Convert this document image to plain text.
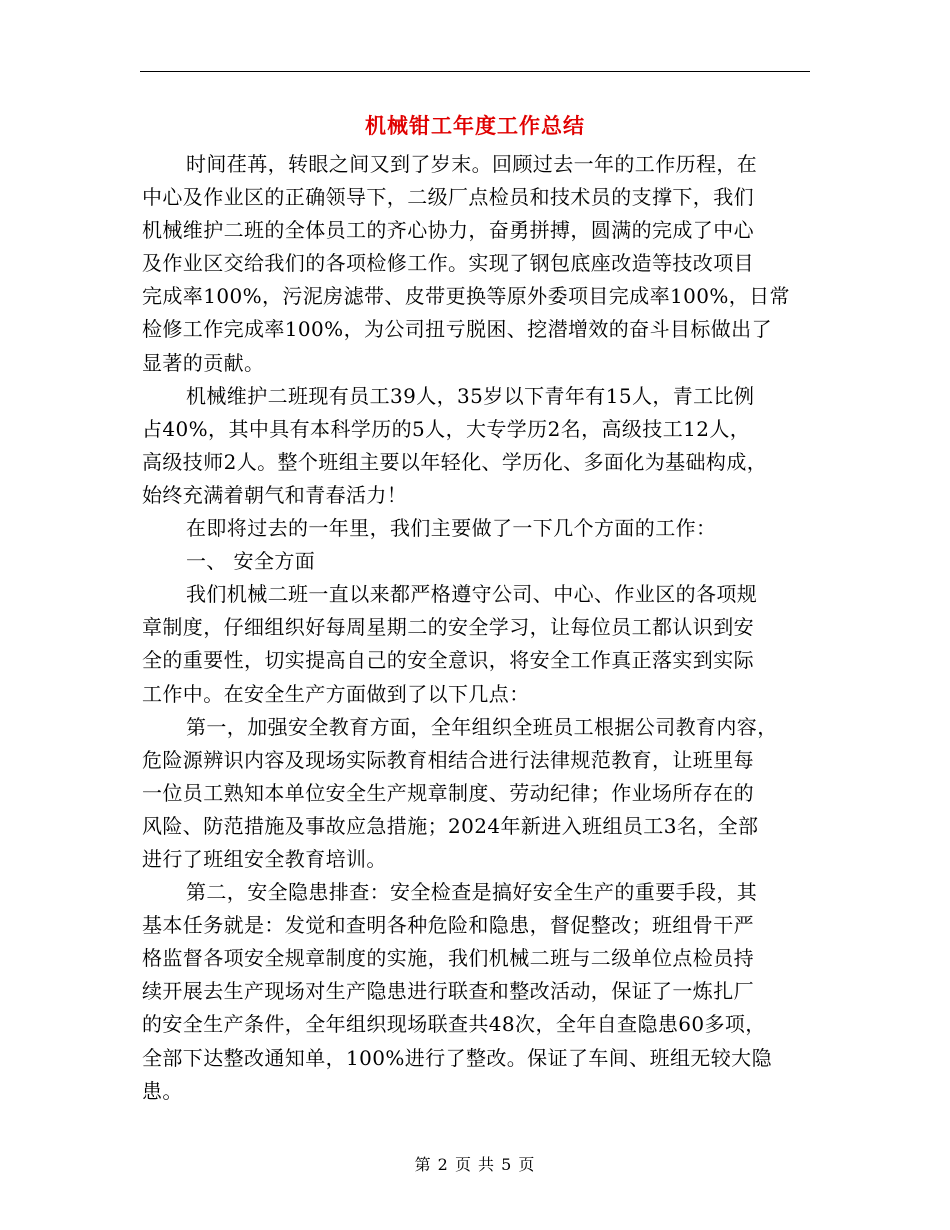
机械钳工年度工作总结
时间荏苒，转眼之间又到了岁末。回顾过去一年的工作历程，在
中心及作业区的正确领导下，二级厂点检员和技术员的支撑下，我们
机械维护二班的全体员工的齐心协力，奋勇拼搏，圆满的完成了中心
及作业区交给我们的各项检修工作。实现了钢包底座改造等技改项目
完成率100%，污泥房滤带、皮带更换等原外委项目完成率100%，日常
检修工作完成率100%，为公司扭亏脱困、挖潜增效的奋斗目标做出了
显著的贡献。
机械维护二班现有员工39人，35岁以下青年有15人，青工比例
占40%，其中具有本科学历的5人，大专学历2名，高级技工12人，
高级技师2人。整个班组主要以年轻化、学历化、多面化为基础构成，
始终充满着朝气和青春活力！
在即将过去的一年里，我们主要做了一下几个方面的工作：
一、 安全方面
我们机械二班一直以来都严格遵守公司、中心、作业区的各项规
章制度，仔细组织好每周星期二的安全学习，让每位员工都认识到安
全的重要性，切实提高自己的安全意识，将安全工作真正落实到实际
工作中。在安全生产方面做到了以下几点：
第一，加强安全教育方面，全年组织全班员工根据公司教育内容，
危险源辨识内容及现场实际教育相结合进行法律规范教育，让班里每
一位员工熟知本单位安全生产规章制度、劳动纪律；作业场所存在的
风险、防范措施及事故应急措施；2024年新进入班组员工3名，全部
进行了班组安全教育培训。
第二，安全隐患排查：安全检查是搞好安全生产的重要手段，其
基本任务就是：发觉和查明各种危险和隐患，督促整改；班组骨干严
格监督各项安全规章制度的实施，我们机械二班与二级单位点检员持
续开展去生产现场对生产隐患进行联查和整改活动，保证了一炼扎厂
的安全生产条件，全年组织现场联查共48次，全年自查隐患60多项，
全部下达整改通知单，100%进行了整改。保证了车间、班组无较大隐
患。
第 2 页 共 5 页
